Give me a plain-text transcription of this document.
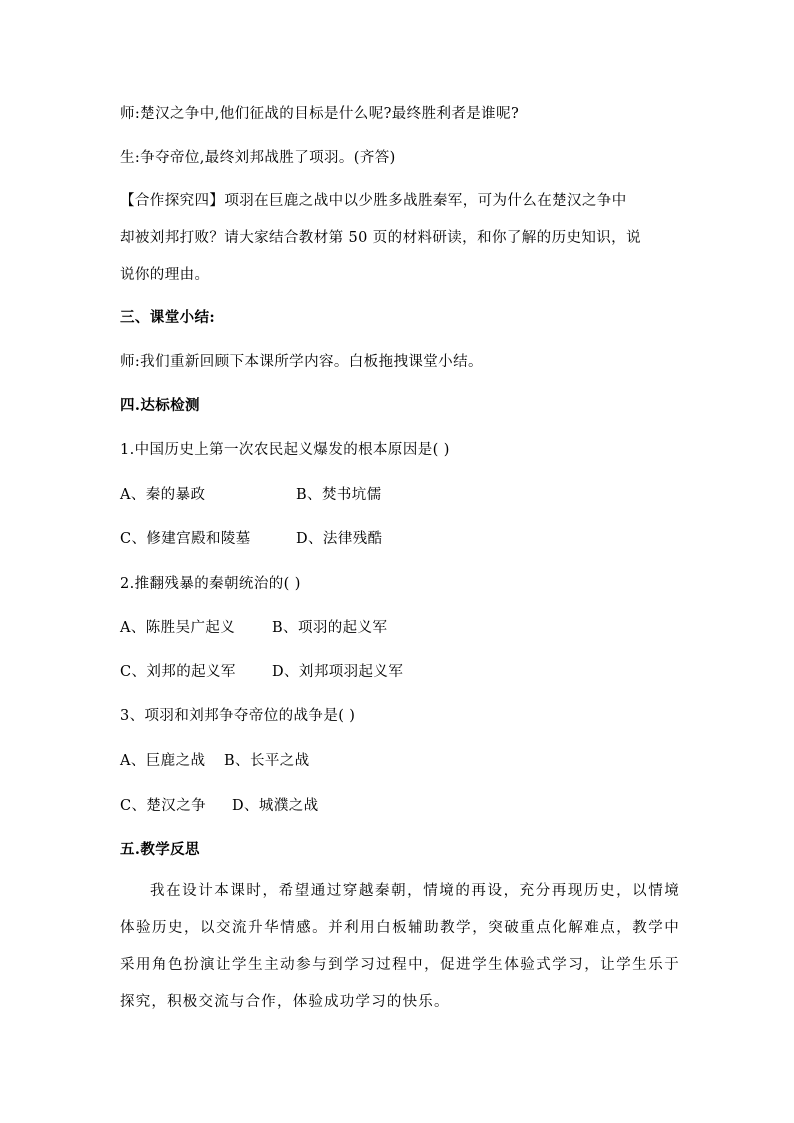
师:楚汉之争中,他们征战的目标是什么呢?最终胜利者是谁呢?
生:争夺帝位,最终刘邦战胜了项羽。(齐答)
【合作探究四】项羽在巨鹿之战中以少胜多战胜秦军，可为什么在楚汉之争中
却被刘邦打败？请大家结合教材第 50 页的材料研读，和你了解的历史知识，说
说你的理由。
三、课堂小结:
师:我们重新回顾下本课所学内容。白板拖拽课堂小结。
四.达标检测
1.中国历史上第一次农民起义爆发的根本原因是( )
A、秦的暴政	B、焚书坑儒
C、修建宫殿和陵墓	D、法律残酷
2.推翻残暴的秦朝统治的( )
A、陈胜吴广起义	B、项羽的起义军
C、刘邦的起义军 D、刘邦项羽起义军
3、项羽和刘邦争夺帝位的战争是( )
A、巨鹿之战 B、长平之战
C、楚汉之争 D、城濮之战
五.教学反思
我在设计本课时，希望通过穿越秦朝，情境的再设，充分再现历史，以情境体验历史，以交流升华情感。并利用白板辅助教学，突破重点化解难点，教学中采用角色扮演让学生主动参与到学习过程中，促进学生体验式学习，让学生乐于探究，积极交流与合作，体验成功学习的快乐。
